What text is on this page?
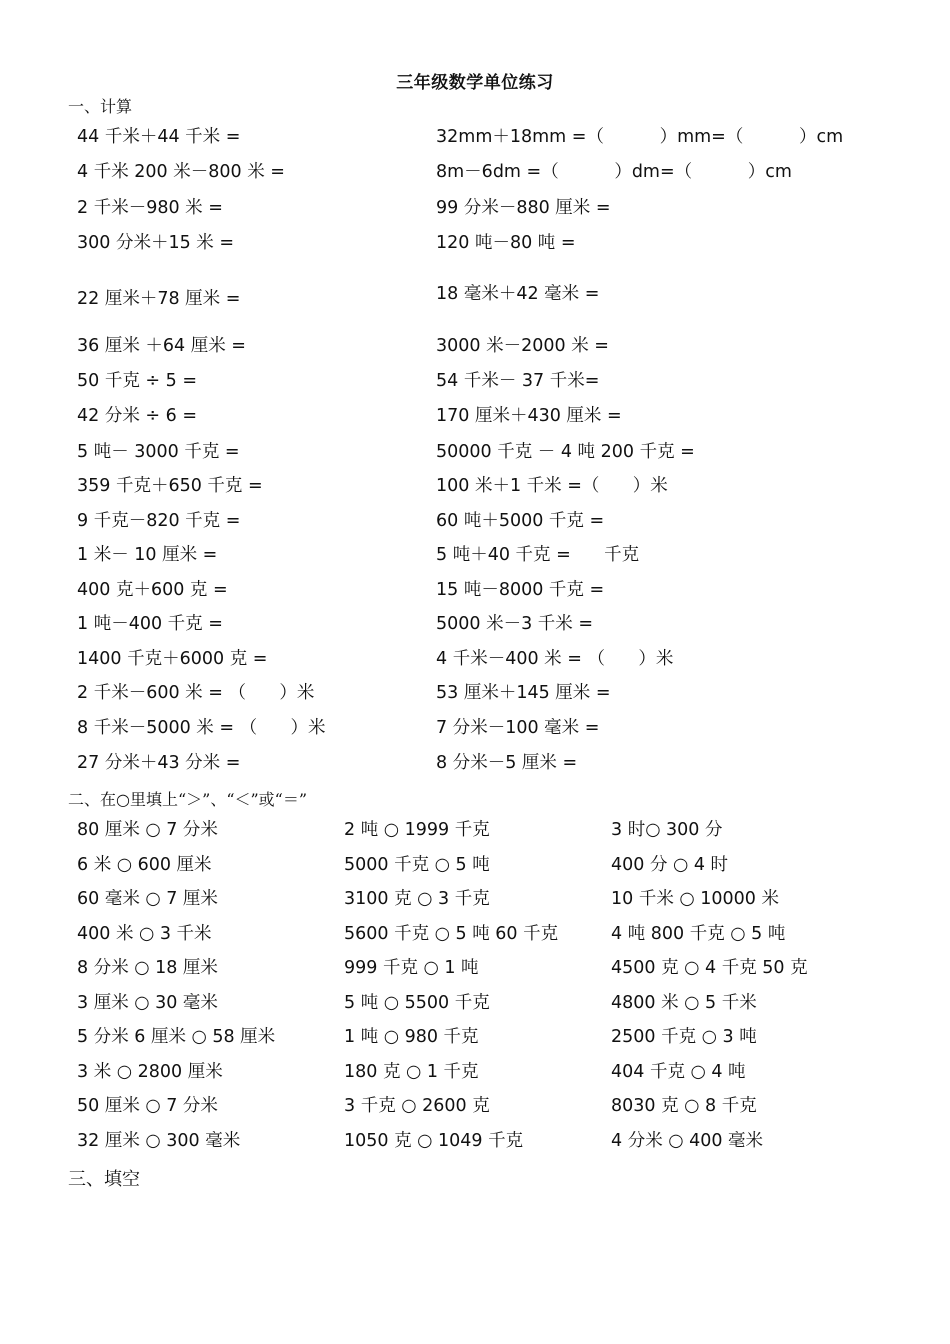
三年级数学单位练习
一、计算
44 千米＋44 千米 =	32mm＋18mm =（          ）mm=（          ）cm
4 千米 200 米－800 米 =	8m－6dm =（          ）dm=（          ）cm
2 千米－980 米 =	99 分米－880 厘米 =
300 分米＋15 米 =	120 吨－80 吨 =
22 厘米＋78 厘米 =	18 毫米＋42 毫米 =
36 厘米 ＋64 厘米 =	3000 米－2000 米 =
50 千克 ÷ 5 =	54 千米－ 37 千米=
42 分米 ÷ 6 =	170 厘米＋430 厘米 =
5 吨－ 3000 千克 =	50000 千克 － 4 吨 200 千克 =
359 千克＋650 千克 =	100 米＋1 千米 =（      ）米
9 千克－820 千克 =	60 吨＋5000 千克 =
1 米－ 10 厘米 =	5 吨＋40 千克 =      千克
400 克＋600 克 =	15 吨－8000 千克 =
1 吨－400 千克 =	5000 米－3 千米 =
1400 千克＋6000 克 =	4 千米－400 米 = （      ）米
2 千米－600 米 = （      ）米	53 厘米＋145 厘米 =
8 千米－5000 米 = （      ）米	7 分米－100 毫米 =
27 分米＋43 分米 =	8 分米－5 厘米 =
二、在○里填上“＞”、“＜”或“＝”
80 厘米 ○ 7 分米	2 吨 ○ 1999 千克	3 时○ 300 分
6 米 ○ 600 厘米	5000 千克 ○ 5 吨	400 分 ○ 4 时
60 毫米 ○ 7 厘米	3100 克 ○ 3 千克	10 千米 ○ 10000 米
400 米 ○ 3 千米	5600 千克 ○ 5 吨 60 千克	4 吨 800 千克 ○ 5 吨
8 分米 ○ 18 厘米	999 千克 ○ 1 吨	4500 克 ○ 4 千克 50 克
3 厘米 ○ 30 毫米	5 吨 ○ 5500 千克	4800 米 ○ 5 千米
5 分米 6 厘米 ○ 58 厘米	1 吨 ○ 980 千克	2500 千克 ○ 3 吨
3 米 ○ 2800 厘米	180 克 ○ 1 千克	404 千克 ○ 4 吨
50 厘米 ○ 7 分米	3 千克 ○ 2600 克	8030 克 ○ 8 千克
32 厘米 ○ 300 毫米	1050 克 ○ 1049 千克	4 分米 ○ 400 毫米
三、填空
